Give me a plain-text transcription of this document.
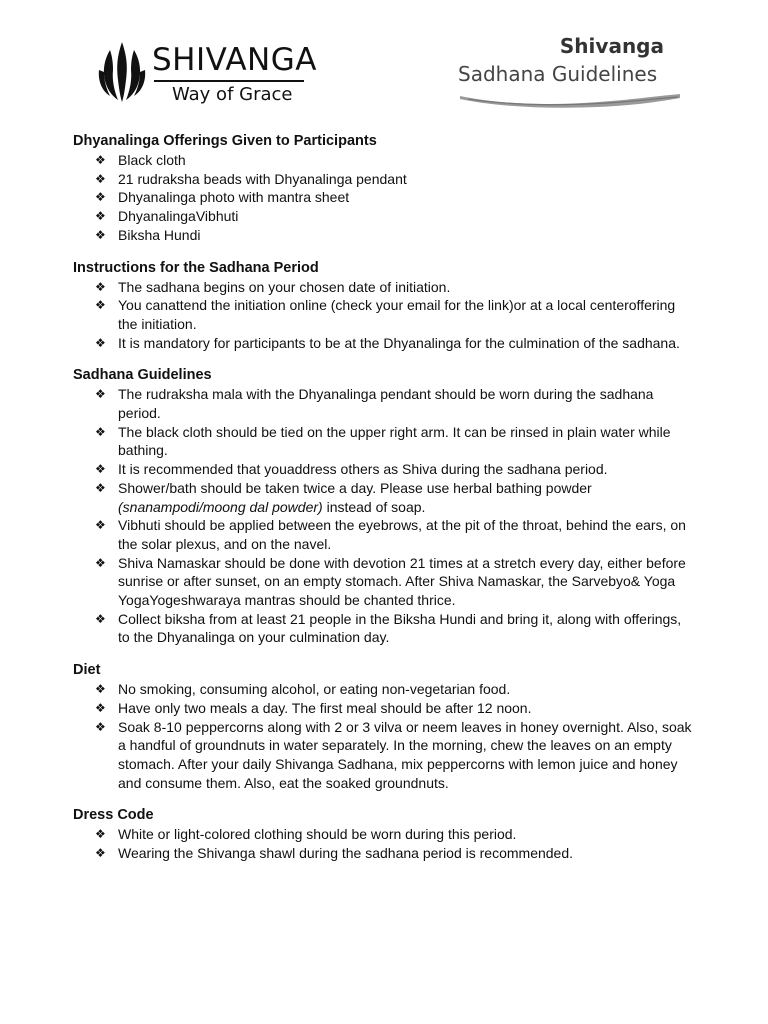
SHIVANGA
Way of Grace
Shivanga
Sadhana Guidelines
Dhyanalinga Offerings Given to Participants
❖ Black cloth
❖ 21 rudraksha beads with Dhyanalinga pendant
❖ Dhyanalinga photo with mantra sheet
❖ DhyanalingaVibhuti
❖ Biksha Hundi
Instructions for the Sadhana Period
❖ The sadhana begins on your chosen date of initiation.
❖ You canattend the initiation online (check your email for the link)or at a local centeroffering the initiation.
❖ It is mandatory for participants to be at the Dhyanalinga for the culmination of the sadhana.
Sadhana Guidelines
❖ The rudraksha mala with the Dhyanalinga pendant should be worn during the sadhana period.
❖ The black cloth should be tied on the upper right arm. It can be rinsed in plain water while bathing.
❖ It is recommended that youaddress others as Shiva during the sadhana period.
❖ Shower/bath should be taken twice a day. Please use herbal bathing powder
(snanampodi/moong dal powder) instead of soap.
❖ Vibhuti should be applied between the eyebrows, at the pit of the throat, behind the ears, on the solar plexus, and on the navel.
❖ Shiva Namaskar should be done with devotion 21 times at a stretch every day, either before sunrise or after sunset, on an empty stomach. After Shiva Namaskar, the Sarvebyo& Yoga YogaYogeshwaraya mantras should be chanted thrice.
❖ Collect biksha from at least 21 people in the Biksha Hundi and bring it, along with offerings, to the Dhyanalinga on your culmination day.
Diet
❖ No smoking, consuming alcohol, or eating non-vegetarian food.
❖ Have only two meals a day. The first meal should be after 12 noon.
❖ Soak 8-10 peppercorns along with 2 or 3 vilva or neem leaves in honey overnight. Also, soak a handful of groundnuts in water separately. In the morning, chew the leaves on an empty stomach. After your daily Shivanga Sadhana, mix peppercorns with lemon juice and honey and consume them. Also, eat the soaked groundnuts.
Dress Code
❖ White or light-colored clothing should be worn during this period.
❖ Wearing the Shivanga shawl during the sadhana period is recommended.
